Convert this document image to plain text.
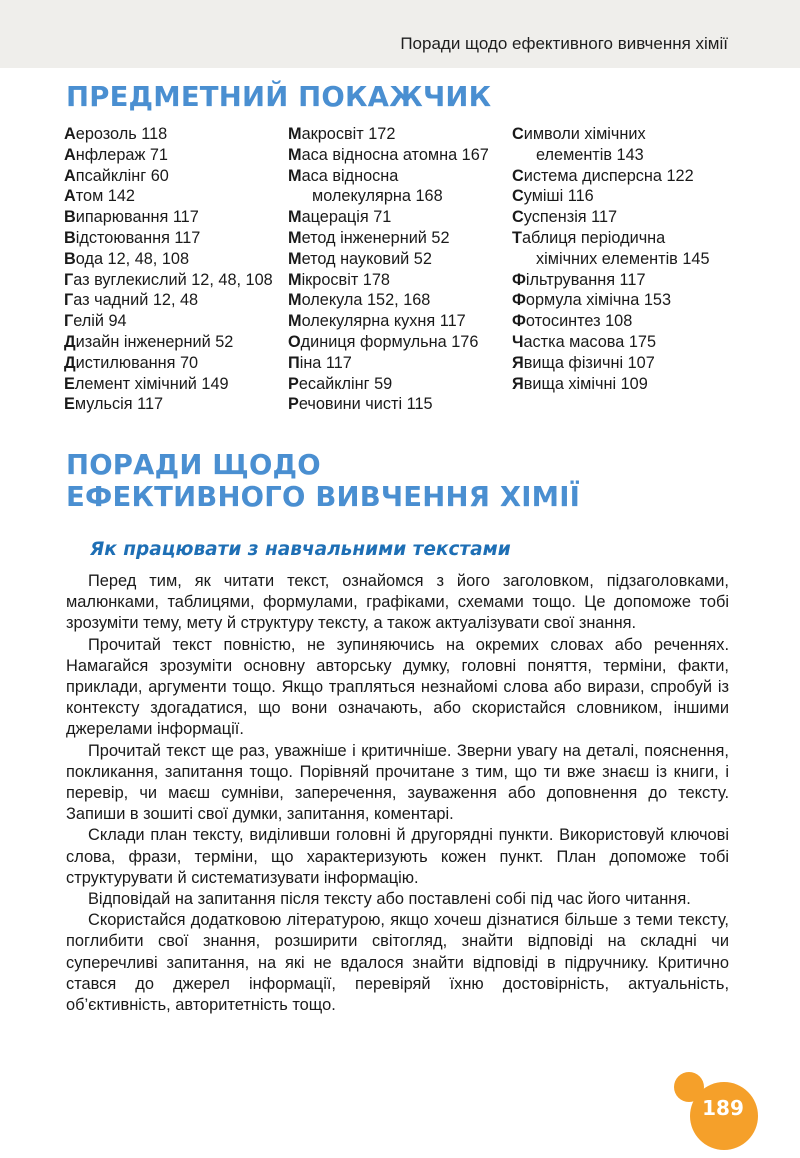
Поради щодо ефективного вивчення хімії
ПРЕДМЕТНИЙ ПОКАЖЧИК
Аерозоль 118
Анфлераж 71
Апсайклінг 60
Атом 142
Випарювання 117
Відстоювання 117
Вода 12, 48, 108
Газ вуглекислий 12, 48, 108
Газ чадний 12, 48
Гелій 94
Дизайн інженерний 52
Дистилювання 70
Елемент хімічний 149
Емульсія 117
Макросвіт 172
Маса відносна атомна 167
Маса відносна
молекулярна 168
Мацерація 71
Метод інженерний 52
Метод науковий 52
Мікросвіт 178
Молекула 152, 168
Молекулярна кухня 117
Одиниця формульна 176
Піна 117
Ресайклінг 59
Речовини чисті 115
Символи хімічних
елементів 143
Система дисперсна 122
Суміші 116
Суспензія 117
Таблиця періодична
хімічних елементів 145
Фільтрування 117
Формула хімічна 153
Фотосинтез 108
Частка масова 175
Явища фізичні 107
Явища хімічні 109
ПОРАДИ ЩОДО
ЕФЕКТИВНОГО ВИВЧЕННЯ ХІМІЇ
Як працювати з навчальними текстами

Перед тим, як читати текст, ознайомся з його заголовком, підзаголовками, малюнками, таблицями, формулами, графіками, схемами тощо. Це допоможе тобі зрозуміти тему, мету й структуру тексту, а також актуалізувати свої знання.

Прочитай текст повністю, не зупиняючись на окремих словах або реченнях. Намагайся зрозуміти основну авторську думку, головні поняття, терміни, факти, приклади, аргументи тощо. Якщо трапляться незнайомі слова або вирази, спробуй із контексту здогадатися, що вони означають, або скористайся словником, іншими джерелами інформації.

Прочитай текст ще раз, уважніше і критичніше. Зверни увагу на деталі, пояснення, покликання, запитання тощо. Порівняй прочитане з тим, що ти вже знаєш із книги, і перевір, чи маєш сумніви, заперечення, зауваження або доповнення до тексту. Запиши в зошиті свої думки, запитання, коментарі.

Склади план тексту, виділивши головні й другорядні пункти. Використовуй ключові слова, фрази, терміни, що характеризують кожен пункт. План допоможе тобі структурувати й систематизувати інформацію.

Відповідай на запитання після тексту або поставлені собі під час його читання.

Скористайся додатковою літературою, якщо хочеш дізнатися більше з теми тексту, поглибити свої знання, розширити світогляд, знайти відповіді на складні чи суперечливі запитання, на які не вдалося знайти відповіді в підручнику. Критично стався до джерел інформації, перевіряй їхню достовірність, актуальність, об’єктивність, авторитетність тощо.

189
